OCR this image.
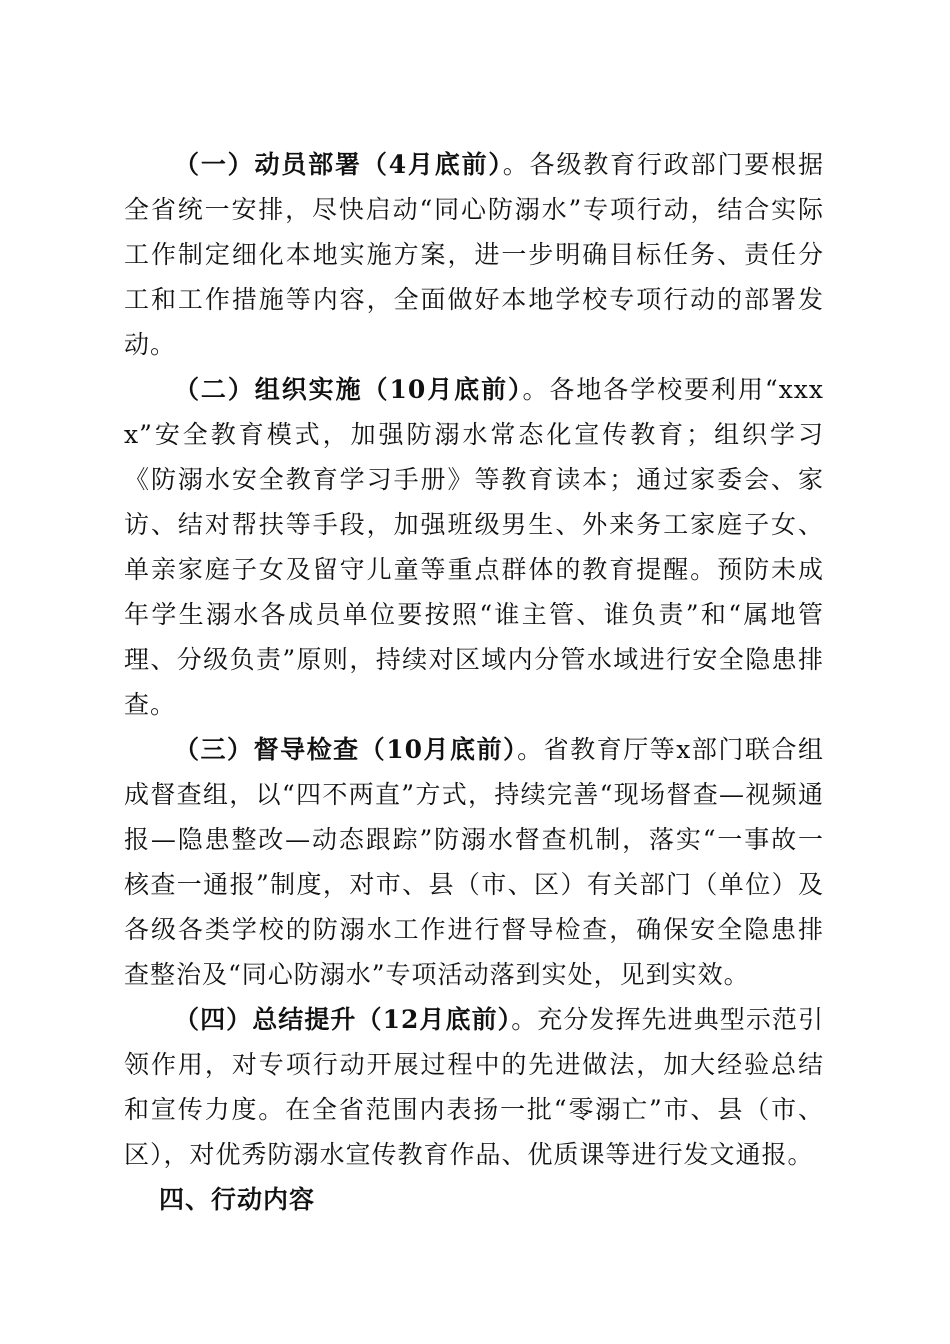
（一）动员部署（4月底前）。各级教育行政部门要根据全省统一安排，尽快启动“同心防溺水”专项行动，结合实际工作制定细化本地实施方案，进一步明确目标任务、责任分工和工作措施等内容，全面做好本地学校专项行动的部署发动。

（二）组织实施（10月底前）。各地各学校要利用“xxxx”安全教育模式，加强防溺水常态化宣传教育；组织学习《防溺水安全教育学习手册》等教育读本；通过家委会、家访、结对帮扶等手段，加强班级男生、外来务工家庭子女、单亲家庭子女及留守儿童等重点群体的教育提醒。预防未成年学生溺水各成员单位要按照“谁主管、谁负责”和“属地管理、分级负责”原则，持续对区域内分管水域进行安全隐患排查。

（三）督导检查（10月底前）。省教育厅等x部门联合组成督查组，以“四不两直”方式，持续完善“现场督查—视频通报—隐患整改—动态跟踪”防溺水督查机制，落实“一事故一核查一通报”制度，对市、县（市、区）有关部门（单位）及各级各类学校的防溺水工作进行督导检查，确保安全隐患排查整治及“同心防溺水”专项活动落到实处，见到实效。

（四）总结提升（12月底前）。充分发挥先进典型示范引领作用，对专项行动开展过程中的先进做法，加大经验总结和宣传力度。在全省范围内表扬一批“零溺亡”市、县（市、区），对优秀防溺水宣传教育作品、优质课等进行发文通报。

四、行动内容
